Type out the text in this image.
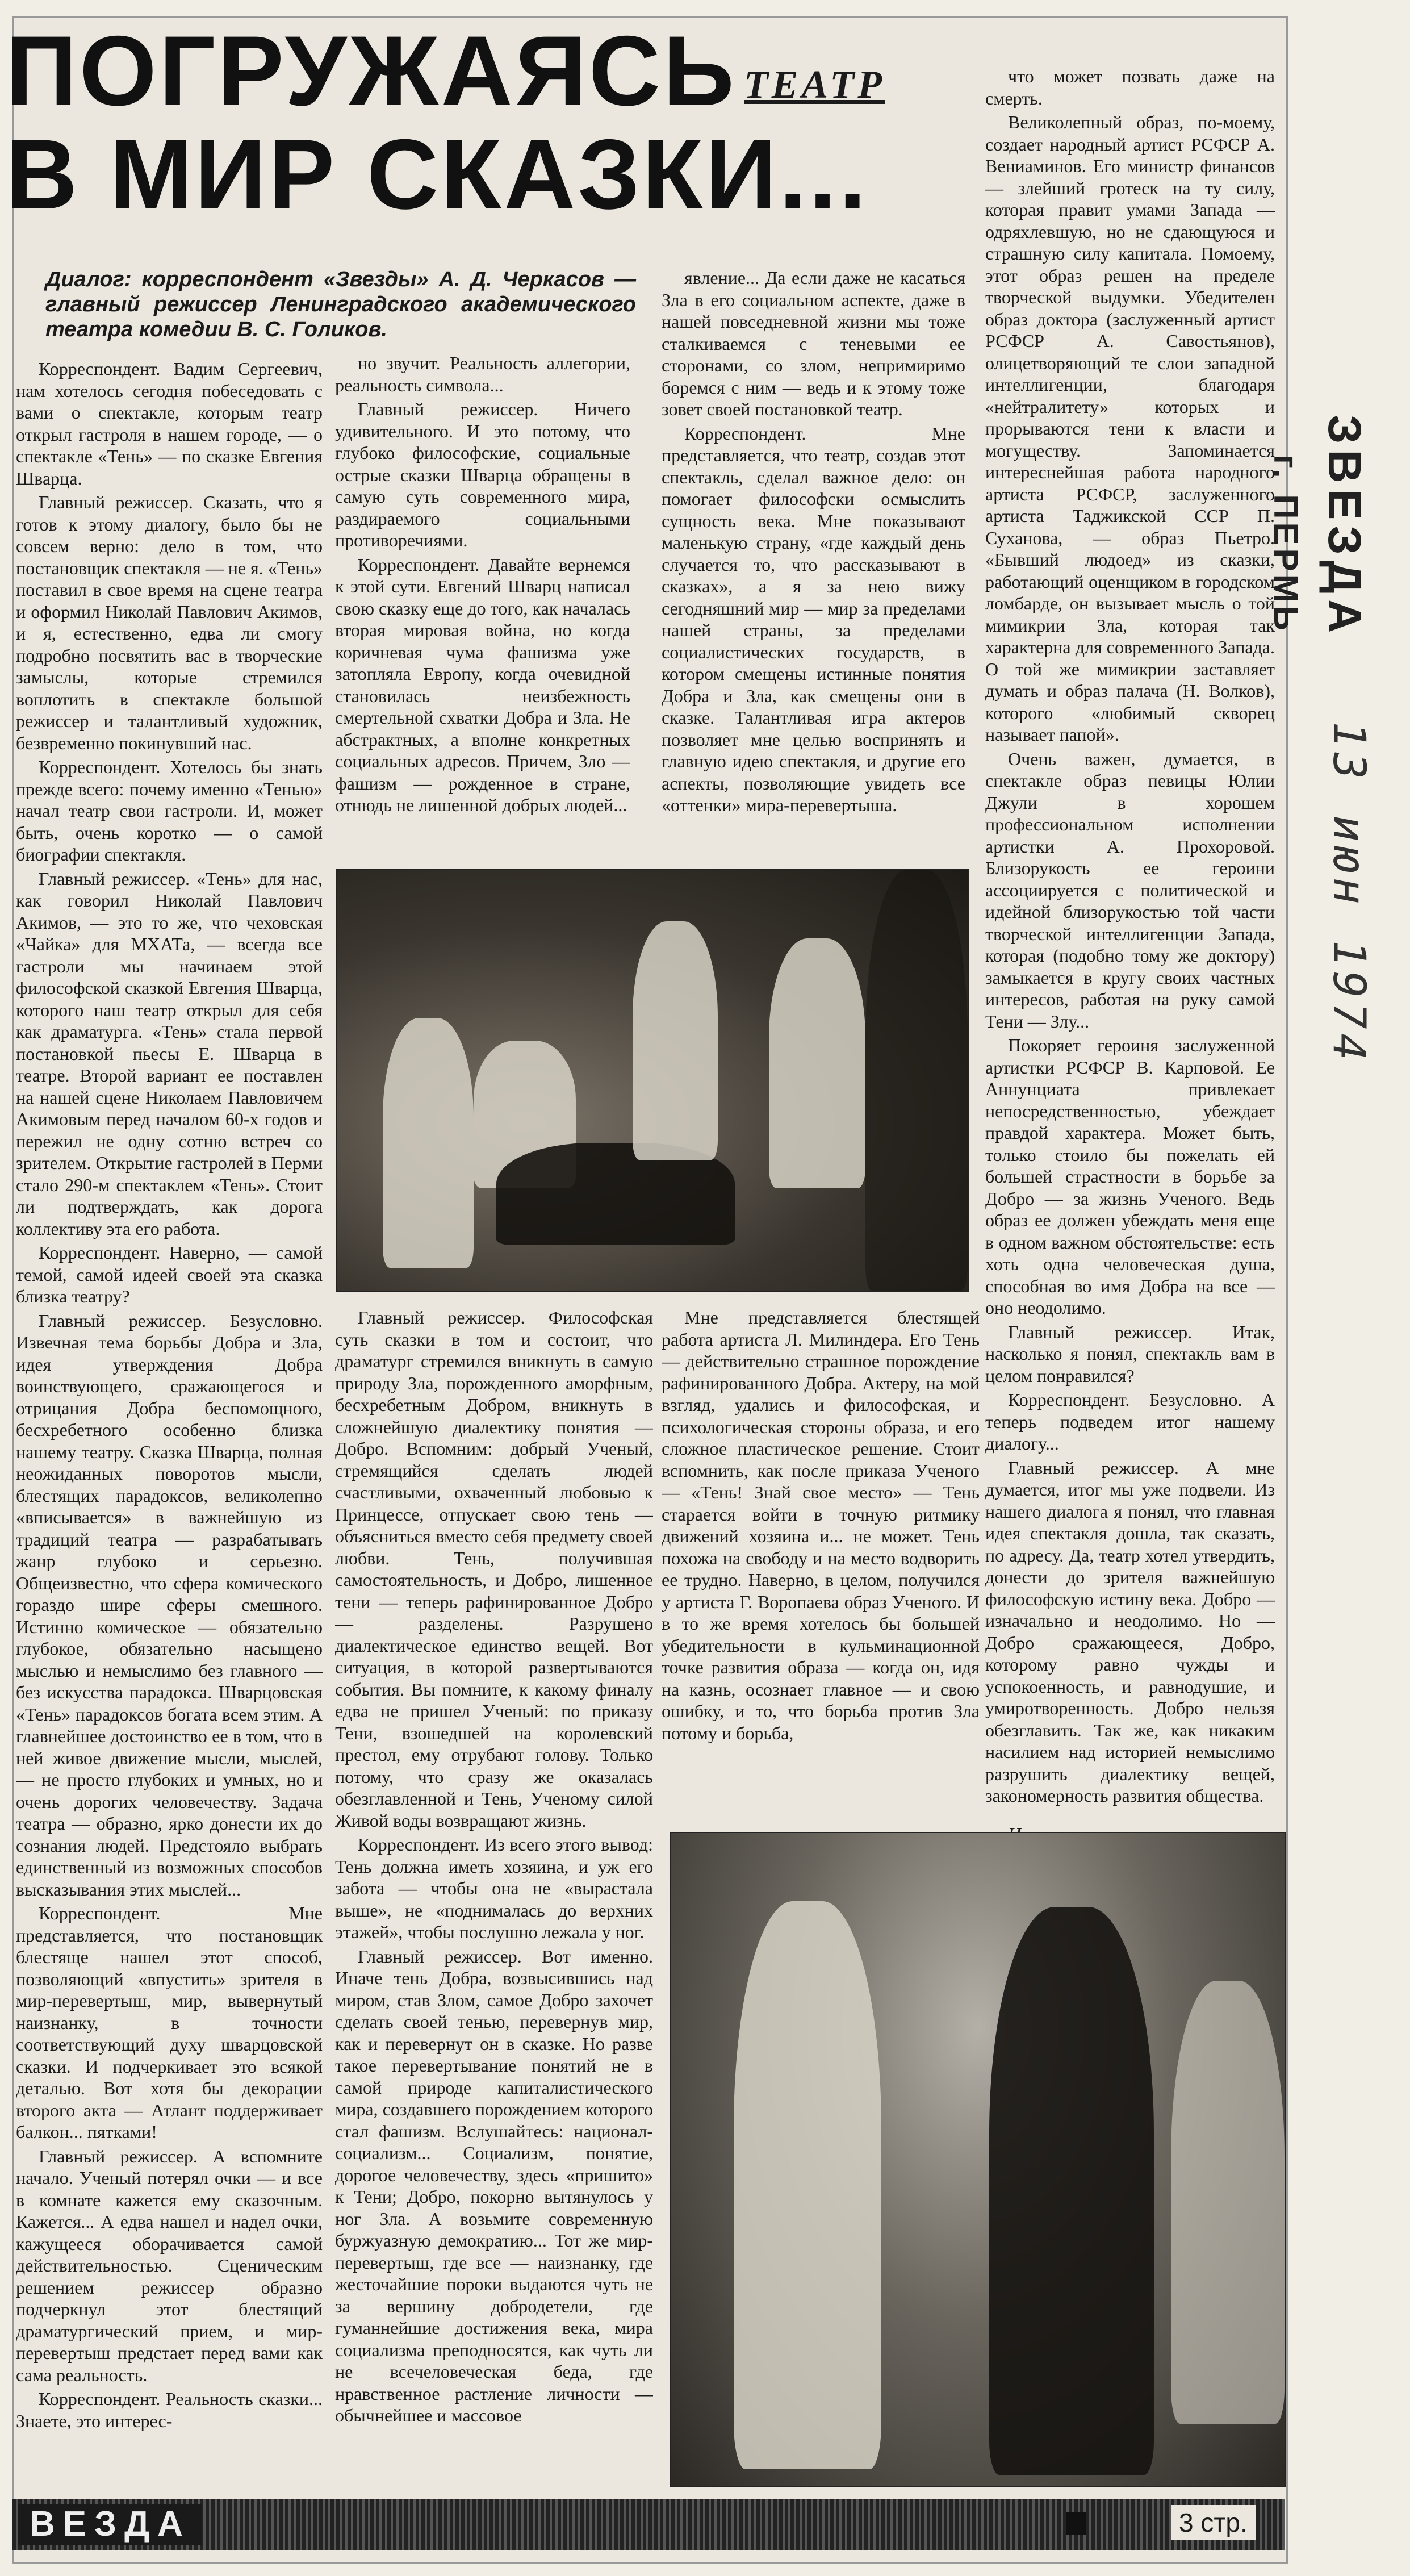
ПОГРУЖАЯСЬ
В МИР СКАЗКИ...
ТЕАТР
Диалог: корреспондент «Звезды» А. Д. Черкасов — главный режиссер Ленинградского академического театра комедии В. С. Голиков.

Корреспондент. Вадим Сергеевич, нам хотелось сегодня побеседовать с вами о спектакле, которым театр открыл гастроля в нашем городе, — о спектакле «Тень» — по сказке Евгения Шварца.

Главный режиссер. Сказать, что я готов к этому диалогу, было бы не совсем верно: дело в том, что постановщик спектакля — не я. «Тень» поставил в свое время на сцене театра и оформил Николай Павлович Акимов, и я, естественно, едва ли смогу подробно посвятить вас в творческие замыслы, которые стремился воплотить в спектакле большой режиссер и талантливый художник, безвременно покинувший нас.

Корреспондент. Хотелось бы знать прежде всего: почему именно «Тенью» начал театр свои гастроли. И, может быть, очень коротко — о самой биографии спектакля.

Главный режиссер. «Тень» для нас, как говорил Николай Павлович Акимов, — это то же, что чеховская «Чайка» для МХАТа, — всегда все гастроли мы начинаем этой философской сказкой Евгения Шварца, которого наш театр открыл для себя как драматурга. «Тень» стала первой постановкой пьесы Е. Шварца в театре. Второй вариант ее поставлен на нашей сцене Николаем Павловичем Акимовым перед началом 60-х годов и пережил не одну сотню встреч со зрителем. Открытие гастролей в Перми стало 290-м спектаклем «Тень». Стоит ли подтверждать, как дорога коллективу эта его работа.

Корреспондент. Наверно, — самой темой, самой идеей своей эта сказка близка театру?

Главный режиссер. Безусловно. Извечная тема борьбы Добра и Зла, идея утверждения Добра воинствующего, сражающегося и отрицания Добра беспомощного, бесхребетного особенно близка нашему театру. Сказка Шварца, полная неожиданных поворотов мысли, блестящих парадоксов, великолепно «вписывается» в важнейшую из традиций театра — разрабатывать жанр глубоко и серьезно. Общеизвестно, что сфера комического гораздо шире сферы смешного. Истинно комическое — обязательно глубокое, обязательно насыщено мыслью и немыслимо без главного — без искусства парадокса. Шварцовская «Тень» парадоксов богата всем этим. А главнейшее достоинство ее в том, что в ней живое движение мысли, мыслей, — не просто глубоких и умных, но и очень дорогих человечеству. Задача театра — образно, ярко донести их до сознания людей. Предстояло выбрать единственный из возможных способов высказывания этих мыслей...

Корреспондент. Мне представляется, что постановщик блестяще нашел этот способ, позволяющий «впустить» зрителя в мир-перевертыш, мир, вывернутый наизнанку, в точности соответствующий духу шварцовской сказки. И подчеркивает это всякой деталью. Вот хотя бы декорации второго акта — Атлант поддерживает балкон... пятками!

Главный режиссер. А вспомните начало. Ученый потерял очки — и все в комнате кажется ему сказочным. Кажется... А едва нашел и надел очки, кажущееся оборачивается самой действительностью. Сценическим решением режиссер образно подчеркнул этот блестящий драматургический прием, и мир-перевертыш предстает перед вами как сама реальность.

Корреспондент. Реальность сказки... Знаете, это интерес-

но звучит. Реальность аллегории, реальность символа...

Главный режиссер. Ничего удивительного. И это потому, что глубоко философские, социальные острые сказки Шварца обращены в самую суть современного мира, раздираемого социальными противоречиями.

Корреспондент. Давайте вернемся к этой сути. Евгений Шварц написал свою сказку еще до того, как началась вторая мировая война, но когда коричневая чума фашизма уже затопляла Европу, когда очевидной становилась неизбежность смертельной схватки Добра и Зла. Не абстрактных, а вполне конкретных социальных адресов. Причем, Зло — фашизм — рожденное в стране, отнюдь не лишенной добрых людей...

явление... Да если даже не касаться Зла в его социальном аспекте, даже в нашей повседневной жизни мы тоже сталкиваемся с теневыми ее сторонами, со злом, непримиримо боремся с ним — ведь и к этому тоже зовет своей постановкой театр.

Корреспондент. Мне представляется, что театр, создав этот спектакль, сделал важное дело: он помогает философски осмыслить сущность века. Мне показывают маленькую страну, «где каждый день случается то, что рассказывают в сказках», а я за нею вижу сегодняшний мир — мир за пределами нашей страны, за пределами социалистических государств, в котором смещены истинные понятия Добра и Зла, как смещены они в сказке. Талантливая игра актеров позволяет мне целью воспринять и главную идею спектакля, и другие его аспекты, позволяющие увидеть все «оттенки» мира-перевертыша.

Главный режиссер. Философская суть сказки в том и состоит, что драматург стремился вникнуть в самую природу Зла, порожденного аморфным, бесхребетным Добром, вникнуть в сложнейшую диалектику понятия — Добро. Вспомним: добрый Ученый, стремящийся сделать людей счастливыми, охваченный любовью к Принцессе, отпускает свою тень — объясниться вместо себя предмету своей любви. Тень, получившая самостоятельность, и Добро, лишенное тени — теперь рафинированное Добро — разделены. Разрушено диалектическое единство вещей. Вот ситуация, в которой развертываются события. Вы помните, к какому финалу едва не пришел Ученый: по приказу Тени, взошедшей на королевский престол, ему отрубают голову. Только потому, что сразу же оказалась обезглавленной и Тень, Ученому силой Живой воды возвращают жизнь.

Корреспондент. Из всего этого вывод: Тень должна иметь хозяина, и уж его забота — чтобы она не «вырастала выше», не «поднималась до верхних этажей», чтобы послушно лежала у ног.

Главный режиссер. Вот именно. Иначе тень Добра, возвысившись над миром, став Злом, самое Добро захочет сделать своей тенью, перевернув мир, как и перевернут он в сказке. Но разве такое перевертывание понятий не в самой природе капиталистического мира, создавшего порождением которого стал фашизм. Вслушайтесь: национал-социализм... Социализм, понятие, дорогое человечеству, здесь «пришито» к Тени; Добро, покорно вытянулось у ног Зла. А возьмите современную буржуазную демократию... Тот же мир-перевертыш, где все — наизнанку, где жесточайшие пороки выдаются чуть не за вершину добродетели, где гуманнейшие достижения века, мира социализма преподносятся, как чуть ли не всечеловеческая беда, где нравственное растление личности — обычнейшее и массовое

Мне представляется блестящей работа артиста Л. Милиндера. Его Тень — действительно страшное порождение рафинированного Добра. Актеру, на мой взгляд, удались и философская, и психологическая стороны образа, и его сложное пластическое решение. Стоит вспомнить, как после приказа Ученого — «Тень! Знай свое место» — Тень старается войти в точную ритмику движений хозяина и... не может. Тень похожа на свободу и на место водворить ее трудно. Наверно, в целом, получился у артиста Г. Воропаева образ Ученого. И в то же время хотелось бы большей убедительности в кульминационной точке развития образа — когда он, идя на казнь, осознает главное — и свою ошибку, и то, что борьба против Зла потому и борьба,

что может позвать даже на смерть.

Великолепный образ, по-моему, создает народный артист РСФСР А. Вениаминов. Его министр финансов — злейший гротеск на ту силу, которая правит умами Запада — одряхлевшую, но не сдающуюся и страшную силу капитала. Помоему, этот образ решен на пределе творческой выдумки. Убедителен образ доктора (заслуженный артист РСФСР А. Савостьянов), олицетворяющий те слои западной интеллигенции, благодаря «нейтралитету» которых и прорываются тени к власти и могуществу. Запоминается интереснейшая работа народного артиста РСФСР, заслуженного артиста Таджикской ССР П. Суханова, — образ Пьетро. «Бывший людоед» из сказки, работающий оценщиком в городском ломбарде, он вызывает мысль о той мимикрии Зла, которая так характерна для современного Запада. О той же мимикрии заставляет думать и образ палача (Н. Волков), которого «любимый скворец называет папой».

Очень важен, думается, в спектакле образ певицы Юлии Джули в хорошем профессиональном исполнении артистки А. Прохоровой. Близорукость ее героини ассоциируется с политической и идейной близорукостью той части творческой интеллигенции Запада, которая (подобно тому же доктору) замыкается в кругу своих частных интересов, работая на руку самой Тени — Злу...

Покоряет героиня заслуженной артистки РСФСР В. Карповой. Ее Аннунциата привлекает непосредственностью, убеждает правдой характера. Может быть, только стоило бы пожелать ей большей страстности в борьбе за Добро — за жизнь Ученого. Ведь образ ее должен убеждать меня еще в одном важном обстоятельстве: есть хоть одна человеческая душа, способная во имя Добра на все — оно неодолимо.

Главный режиссер. Итак, насколько я понял, спектакль вам в целом понравился?

Корреспондент. Безусловно. А теперь подведем итог нашему диалогу...

Главный режиссер. А мне думается, итог мы уже подвели. Из нашего диалога я понял, что главная идея спектакля дошла, так сказать, по адресу. Да, театр хотел утвердить, донести до зрителя важнейшую философскую истину века. Добро — изначально и неодолимо. Но — Добро сражающееся, Добро, которому равно чужды и успокоенность, и равнодушие, и умиротворенность. Добро нельзя обезглавить. Так же, как никаким насилием над историей немыслимо разрушить диалектику вещей, закономерность развития общества.

г. ПЕРМЬ ЗВЕЗДА
13 июн 1974
ВЕЗДА	3 стр.
